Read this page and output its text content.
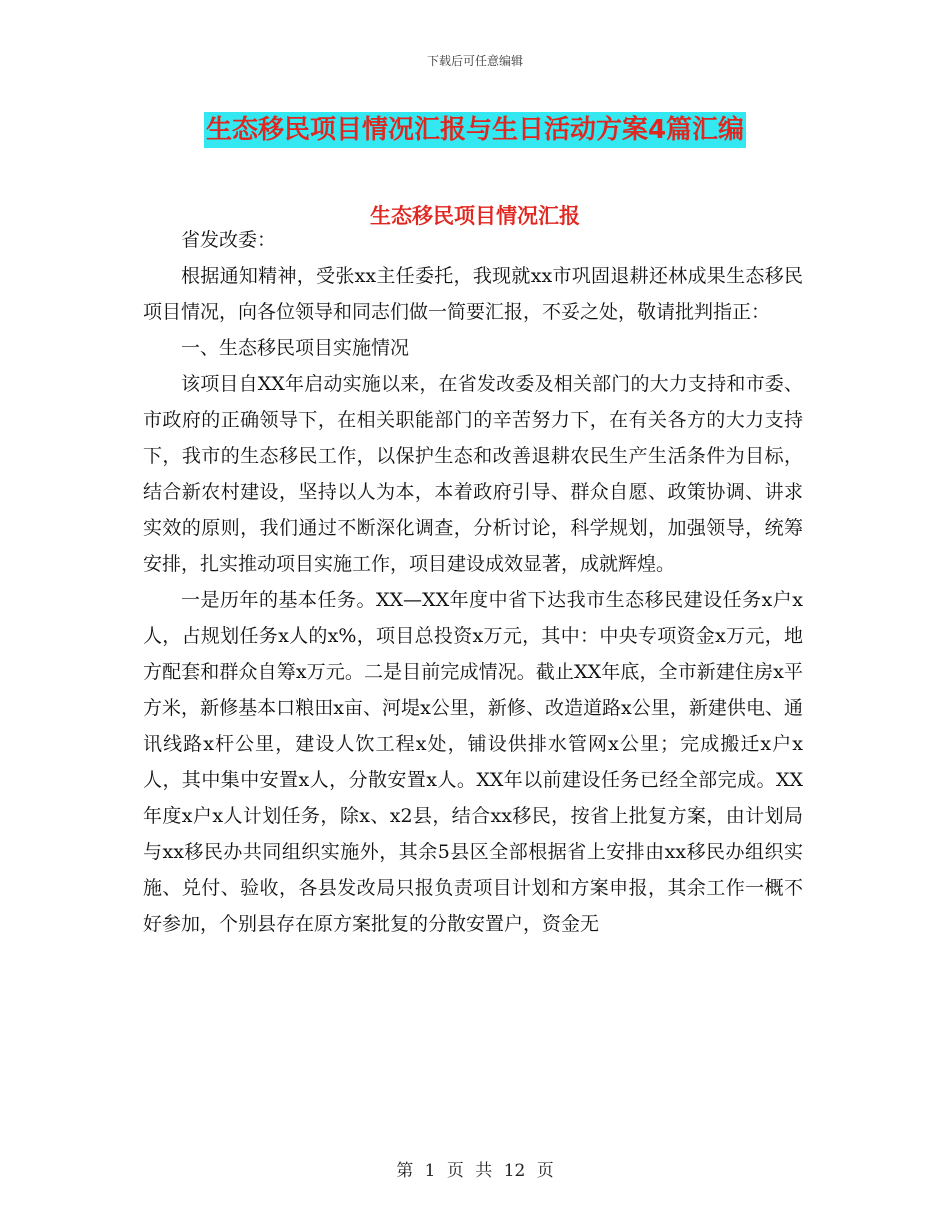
下载后可任意编辑
生态移民项目情况汇报与生日活动方案4篇汇编
生态移民项目情况汇报

省发改委：

根据通知精神，受张xx主任委托，我现就xx市巩固退耕还林成果生态移民项目情况，向各位领导和同志们做一简要汇报，不妥之处，敬请批判指正：

一、生态移民项目实施情况

该项目自XX年启动实施以来，在省发改委及相关部门的大力支持和市委、市政府的正确领导下，在相关职能部门的辛苦努力下，在有关各方的大力支持下，我市的生态移民工作，以保护生态和改善退耕农民生产生活条件为目标，结合新农村建设，坚持以人为本，本着政府引导、群众自愿、政策协调、讲求实效的原则，我们通过不断深化调查，分析讨论，科学规划，加强领导，统筹安排，扎实推动项目实施工作，项目建设成效显著，成就辉煌。

一是历年的基本任务。XX—XX年度中省下达我市生态移民建设任务x户x人，占规划任务x人的x%，项目总投资x万元，其中：中央专项资金x万元，地方配套和群众自筹x万元。二是目前完成情况。截止XX年底，全市新建住房x平方米，新修基本口粮田x亩、河堤x公里，新修、改造道路x公里，新建供电、通讯线路x杆公里，建设人饮工程x处，铺设供排水管网x公里；完成搬迁x户x人，其中集中安置x人，分散安置x人。XX年以前建设任务已经全部完成。XX年度x户x人计划任务，除x、x2县，结合xx移民，按省上批复方案，由计划局与xx移民办共同组织实施外，其余5县区全部根据省上安排由xx移民办组织实施、兑付、验收，各县发改局只报负责项目计划和方案申报，其余工作一概不好参加，个别县存在原方案批复的分散安置户，资金无

第 1 页 共 12 页
